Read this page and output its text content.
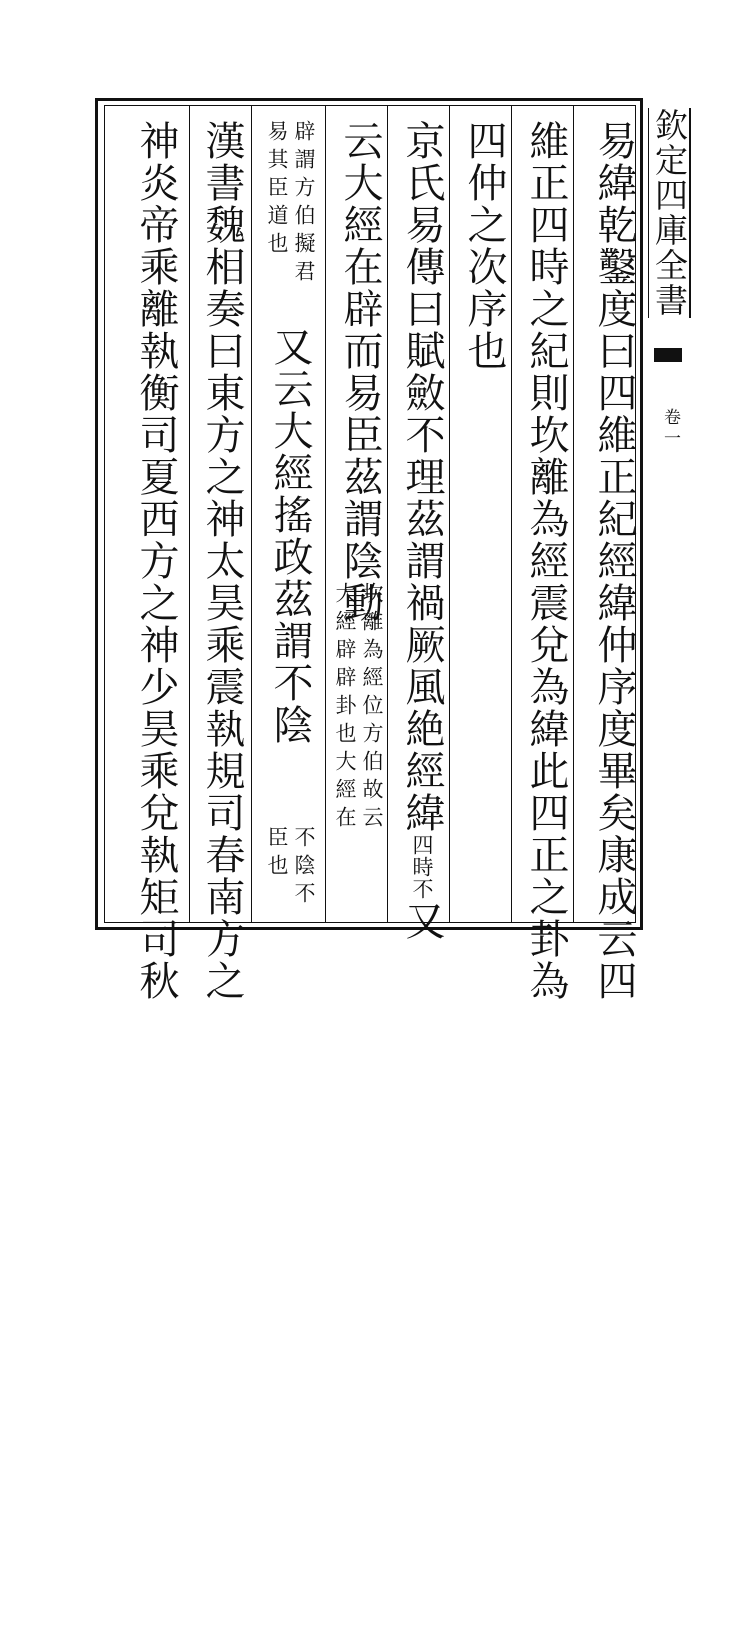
欽定四庫全書
卷一
易緯乾鑿度曰四維正紀經緯仲序度畢矣康成云四
維正四時之紀則坎離為經震兌為緯此四正之卦為
四仲之次序也
京氏易傳曰賦斂不理茲謂禍厥風絶經緯四時不又
云大經在辟而易臣茲謂陰動
坎離為經位方伯故云
大經辟辟卦也大經在
辟謂方伯擬君
易其臣道也
又云大經搖政茲謂不陰
不陰不
臣也
漢書魏相奏曰東方之神太昊乘震執規司春南方之
神炎帝乘離執衡司夏西方之神少昊乘兌執矩司秋
